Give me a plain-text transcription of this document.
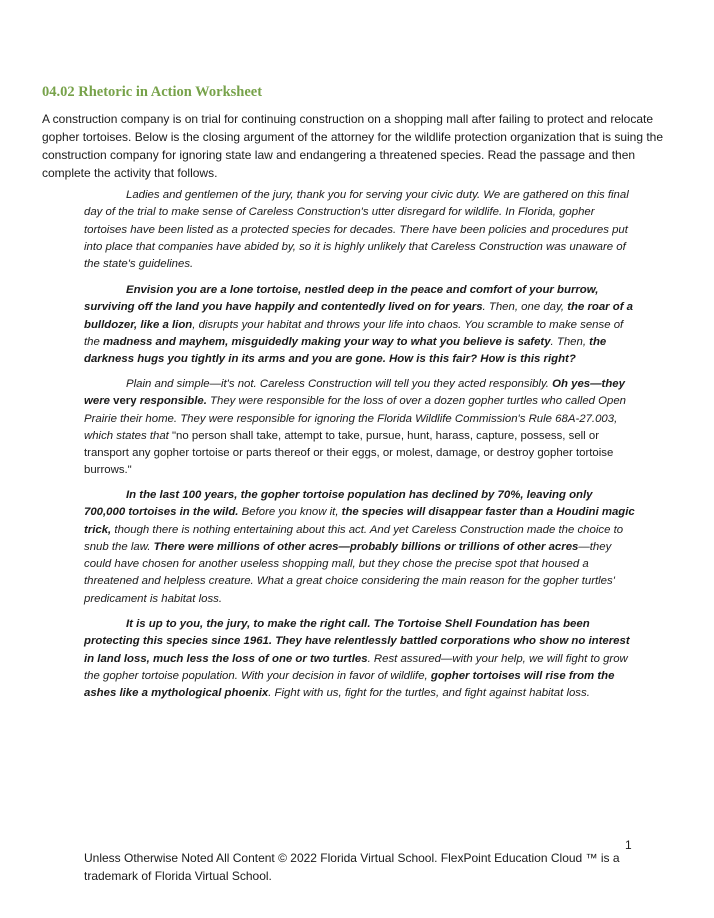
04.02 Rhetoric in Action Worksheet

A construction company is on trial for continuing construction on a shopping mall after failing to protect and relocate gopher tortoises. Below is the closing argument of the attorney for the wildlife protection organization that is suing the construction company for ignoring state law and endangering a threatened species. Read the passage and then complete the activity that follows.

Ladies and gentlemen of the jury, thank you for serving your civic duty. We are gathered on this final day of the trial to make sense of Careless Construction's utter disregard for wildlife. In Florida, gopher tortoises have been listed as a protected species for decades. There have been policies and procedures put into place that companies have abided by, so it is highly unlikely that Careless Construction was unaware of the state's guidelines.

Envision you are a lone tortoise, nestled deep in the peace and comfort of your burrow, surviving off the land you have happily and contentedly lived on for years. Then, one day, the roar of a bulldozer, like a lion, disrupts your habitat and throws your life into chaos. You scramble to make sense of the madness and mayhem, misguidedly making your way to what you believe is safety. Then, the darkness hugs you tightly in its arms and you are gone. How is this fair? How is this right?

Plain and simple—it's not. Careless Construction will tell you they acted responsibly. Oh yes—they were very responsible. They were responsible for the loss of over a dozen gopher turtles who called Open Prairie their home. They were responsible for ignoring the Florida Wildlife Commission's Rule 68A-27.003, which states that "no person shall take, attempt to take, pursue, hunt, harass, capture, possess, sell or transport any gopher tortoise or parts thereof or their eggs, or molest, damage, or destroy gopher tortoise burrows."

In the last 100 years, the gopher tortoise population has declined by 70%, leaving only 700,000 tortoises in the wild. Before you know it, the species will disappear faster than a Houdini magic trick, though there is nothing entertaining about this act. And yet Careless Construction made the choice to snub the law. There were millions of other acres—probably billions or trillions of other acres—they could have chosen for another useless shopping mall, but they chose the precise spot that housed a threatened and helpless creature. What a great choice considering the main reason for the gopher turtles' predicament is habitat loss.

It is up to you, the jury, to make the right call. The Tortoise Shell Foundation has been protecting this species since 1961. They have relentlessly battled corporations who show no interest in land loss, much less the loss of one or two turtles. Rest assured—with your help, we will fight to grow the gopher tortoise population. With your decision in favor of wildlife, gopher tortoises will rise from the ashes like a mythological phoenix. Fight with us, fight for the turtles, and fight against habitat loss.

1

Unless Otherwise Noted All Content © 2022 Florida Virtual School. FlexPoint Education Cloud ™ is a trademark of Florida Virtual School.
